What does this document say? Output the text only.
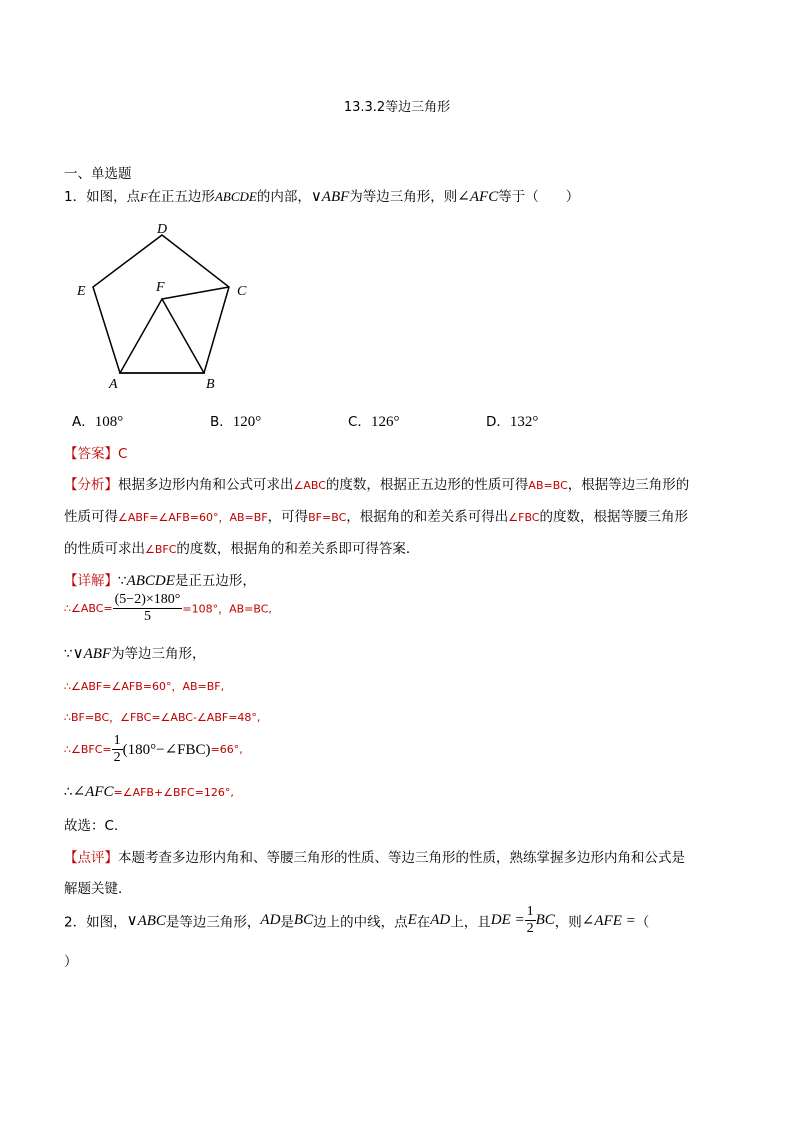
13.3.2等边三角形
一、单选题
1．如图，点F在正五边形ABCDE的内部，∨ABF为等边三角形，则∠AFC等于（　　）
D
E	C
F
A	B
A．108°	B．120°	C．126°	D．132°
【答案】C
【分析】根据多边形内角和公式可求出∠ABC的度数，根据正五边形的性质可得AB=BC，根据等边三角形的
性质可得∠ABF=∠AFB=60°，AB=BF，可得BF=BC，根据角的和差关系可得出∠FBC的度数，根据等腰三角形
的性质可求出∠BFC的度数，根据角的和差关系即可得答案．
【详解】∵ABCDE是正五边形，
∴∠ABC= $\frac{(5-2)\times 180^\circ}{5} =108^\circ$，AB=BC,
∵∨ABF为等边三角形，
∴∠ABF=∠AFB=60°，AB=BF,
∴BF=BC，∠FBC=∠ABC-∠ABF=48°,
∴∠BFC= $\frac{1}{2}$ (180°−∠FBC)=66°,
∴∠AFC=∠AFB+∠BFC=126°,
故选：C.
【点评】本题考查多边形内角和、等腰三角形的性质、等边三角形的性质，熟练掌握多边形内角和公式是
解题关键．
2．如图，∨ABC是等边三角形，AD是BC边上的中线，点E在AD上，且DE = $\frac{1}{2}$ BC，则∠AFE =（
）
